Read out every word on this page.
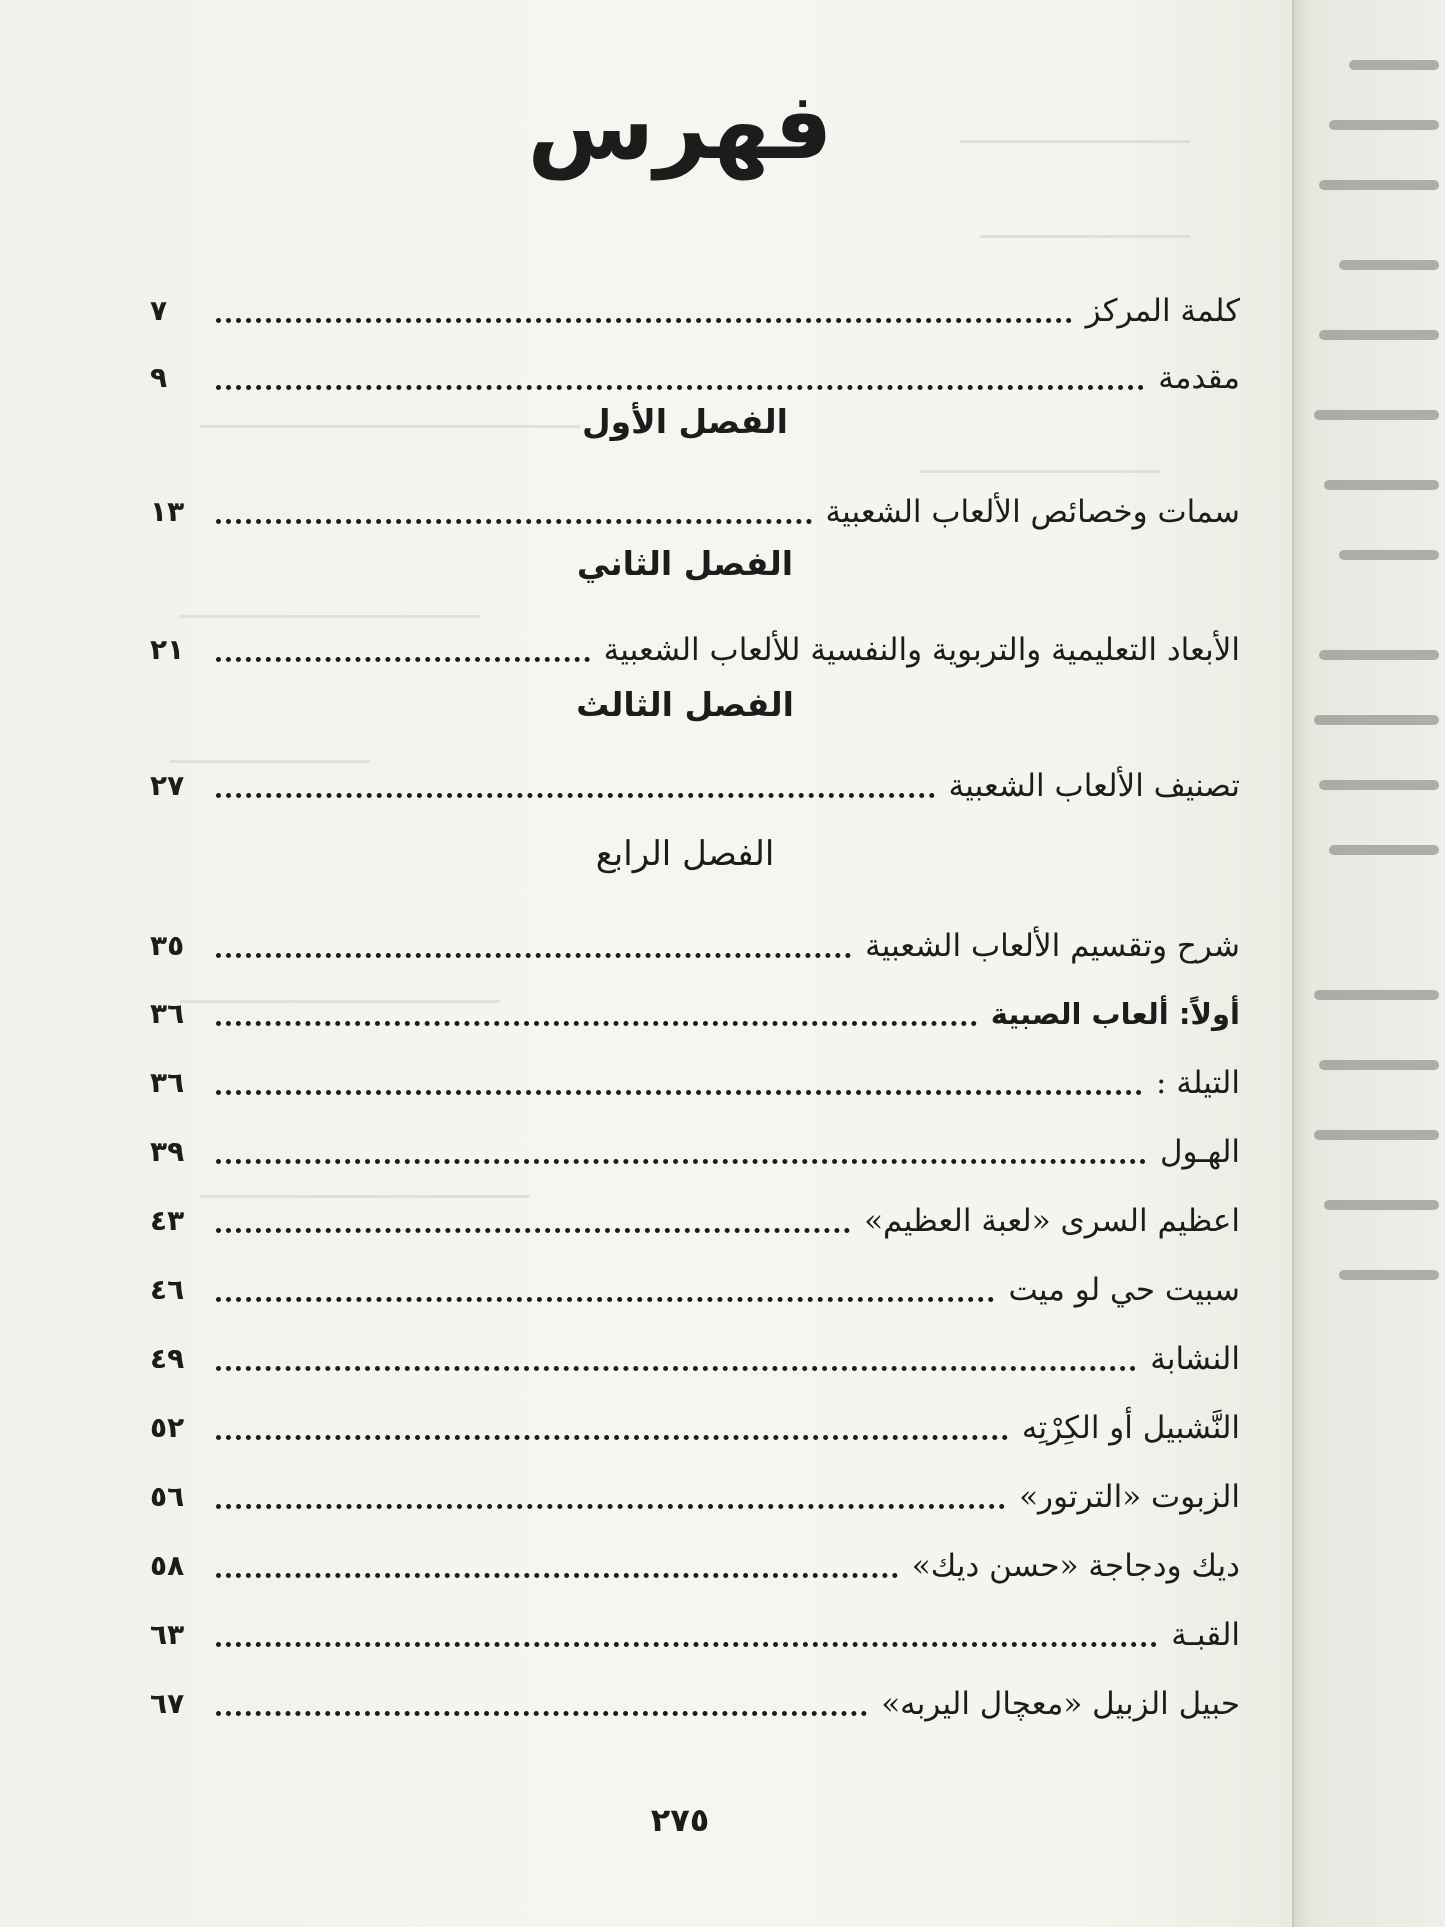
فهرس
كلمة المركز
٧
مقدمة
٩
الفصل الأول
سمات وخصائص الألعاب الشعبية
١٣
الفصل الثاني
الأبعاد التعليمية والتربوية والنفسية للألعاب الشعبية
٢١
الفصل الثالث
تصنيف الألعاب الشعبية
٢٧
الفصل الرابع
شرح وتقسيم الألعاب الشعبية
٣٥
أولاً: ألعاب الصبية
٣٦
التيلة :
٣٦
الهـول
٣٩
اعظيم السرى «لعبة العظيم»
٤٣
سبيت حي لو ميت
٤٦
النشابة
٤٩
النَّشبيل أو الكِرْتِه
٥٢
الزبوت «الترتور»
٥٦
ديك ودجاجة «حسن ديك»
٥٨
القبـة
٦٣
حبيل الزبيل «معچال اليربه»
٦٧
٢٧٥
